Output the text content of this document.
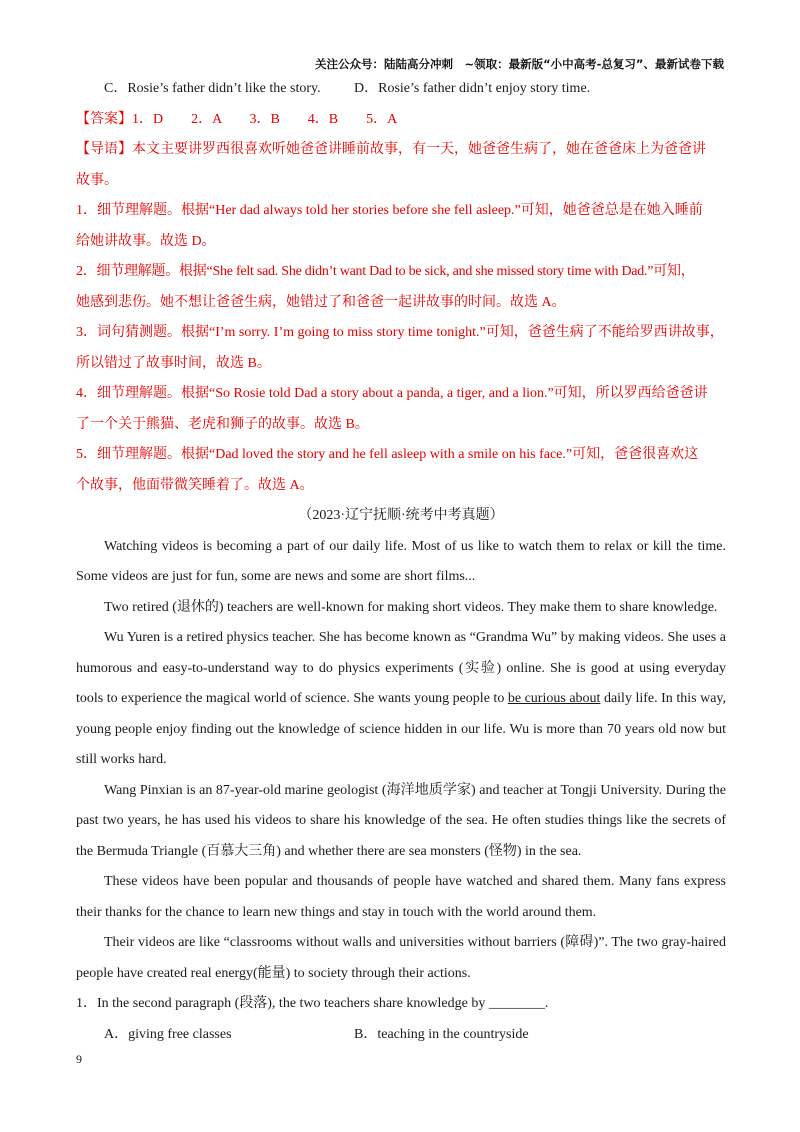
关注公众号：陆陆高分冲刺　~领取：最新版“小中高考-总复习”、最新试卷下载
C．Rosie’s father didn’t like the story. D．Rosie’s father didn’t enjoy story time.
【答案】1．D　　2．A　　3．B　　4．B　　5．A
【导语】本文主要讲罗西很喜欢听她爸爸讲睡前故事，有一天，她爸爸生病了，她在爸爸床上为爸爸讲
故事。
1．细节理解题。根据“Her dad always told her stories before she fell asleep.”可知，她爸爸总是在她入睡前
给她讲故事。故选 D。
2．细节理解题。根据“She felt sad. She didn’t want Dad to be sick, and she missed story time with Dad.”可知，
她感到悲伤。她不想让爸爸生病，她错过了和爸爸一起讲故事的时间。故选 A。
3．词句猜测题。根据“I’m sorry. I’m going to miss story time tonight.”可知，爸爸生病了不能给罗西讲故事，
所以错过了故事时间，故选 B。
4．细节理解题。根据“So Rosie told Dad a story about a panda, a tiger, and a lion.”可知，所以罗西给爸爸讲
了一个关于熊猫、老虎和狮子的故事。故选 B。
5．细节理解题。根据“Dad loved the story and he fell asleep with a smile on his face.”可知，爸爸很喜欢这
个故事，他面带微笑睡着了。故选 A。
（2023·辽宁抚顺·统考中考真题）
Watching videos is becoming a part of our daily life. Most of us like to watch them to relax or kill the time. Some videos are just for fun, some are news and some are short films...
Two retired (退休的) teachers are well-known for making short videos. They make them to share knowledge.
Wu Yuren is a retired physics teacher. She has become known as “Grandma Wu” by making videos. She uses a humorous and easy-to-understand way to do physics experiments (实验) online. She is good at using everyday tools to experience the magical world of science. She wants young people to be curious about daily life. In this way, young people enjoy finding out the knowledge of science hidden in our life. Wu is more than 70 years old now but still works hard.
Wang Pinxian is an 87-year-old marine geologist (海洋地质学家) and teacher at Tongji University. During the past two years, he has used his videos to share his knowledge of the sea. He often studies things like the secrets of the Bermuda Triangle (百慕大三角) and whether there are sea monsters (怪物) in the sea.
These videos have been popular and thousands of people have watched and shared them. Many fans express their thanks for the chance to learn new things and stay in touch with the world around them.
Their videos are like “classrooms without walls and universities without barriers (障碍)”. The two gray-haired people have created real energy(能量) to society through their actions.
1．In the second paragraph (段落), the two teachers share knowledge by ________.
A．giving free classes	B．teaching in the countryside
9
